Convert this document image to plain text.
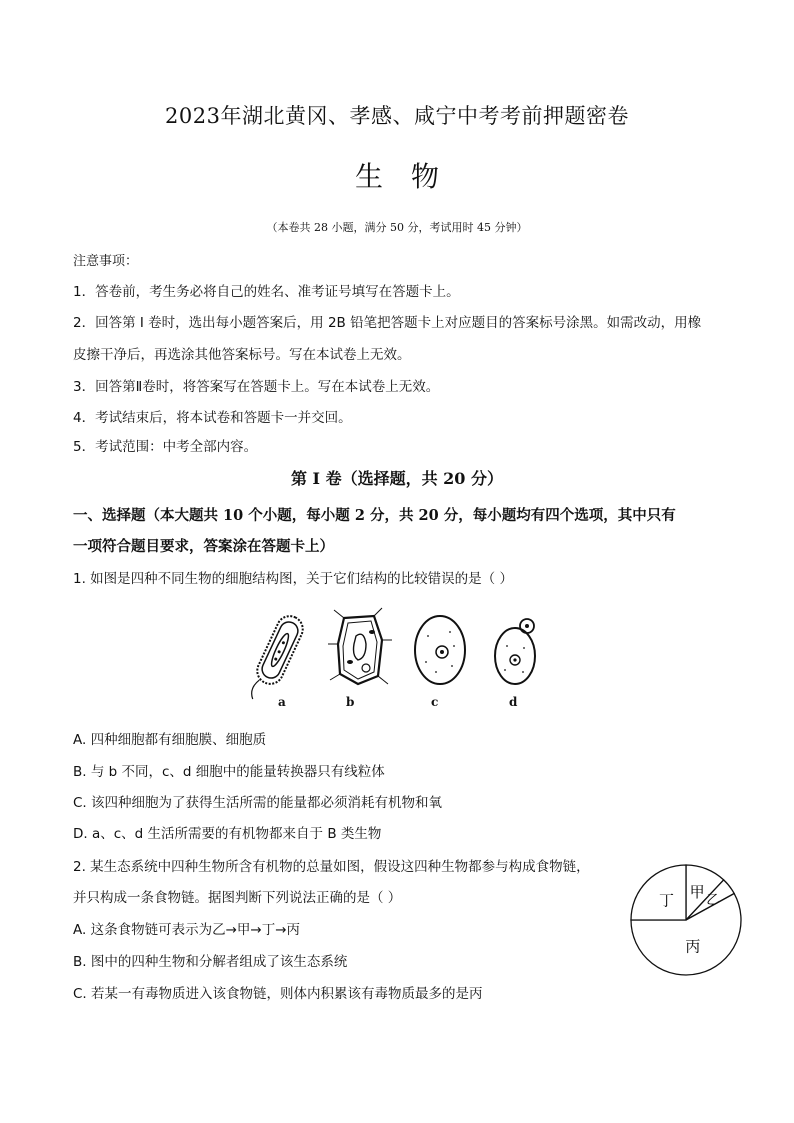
2023年湖北黄冈、孝感、咸宁中考考前押题密卷
生物
（本卷共 28 小题，满分 50 分，考试用时 45 分钟）
注意事项：
1．答卷前，考生务必将自己的姓名、准考证号填写在答题卡上。
2．回答第 I 卷时，选出每小题答案后，用 2B 铅笔把答题卡上对应题目的答案标号涂黑。如需改动，用橡
皮擦干净后，再选涂其他答案标号。写在本试卷上无效。
3．回答第Ⅱ卷时，将答案写在答题卡上。写在本试卷上无效。
4．考试结束后，将本试卷和答题卡一并交回。
5．考试范围：中考全部内容。
第 I 卷（选择题，共 20 分）
一、选择题（本大题共 10 个小题，每小题 2 分，共 20 分，每小题均有四个选项，其中只有
一项符合题目要求，答案涂在答题卡上）
1. 如图是四种不同生物的细胞结构图，关于它们结构的比较错误的是（ ）
a	b	c	d
A. 四种细胞都有细胞膜、细胞质
B. 与 b 不同，c、d 细胞中的能量转换器只有线粒体
C. 该四种细胞为了获得生活所需的能量都必须消耗有机物和氧
D. a、c、d 生活所需要的有机物都来自于 B 类生物
2. 某生态系统中四种生物所含有机物的总量如图，假设这四种生物都参与构成食物链，
并只构成一条食物链。据图判断下列说法正确的是（ ）
A. 这条食物链可表示为乙→甲→丁→丙
B. 图中的四种生物和分解者组成了该生态系统
C. 若某一有毒物质进入该食物链，则体内积累该有毒物质最多的是丙
甲 乙
丙
丁
